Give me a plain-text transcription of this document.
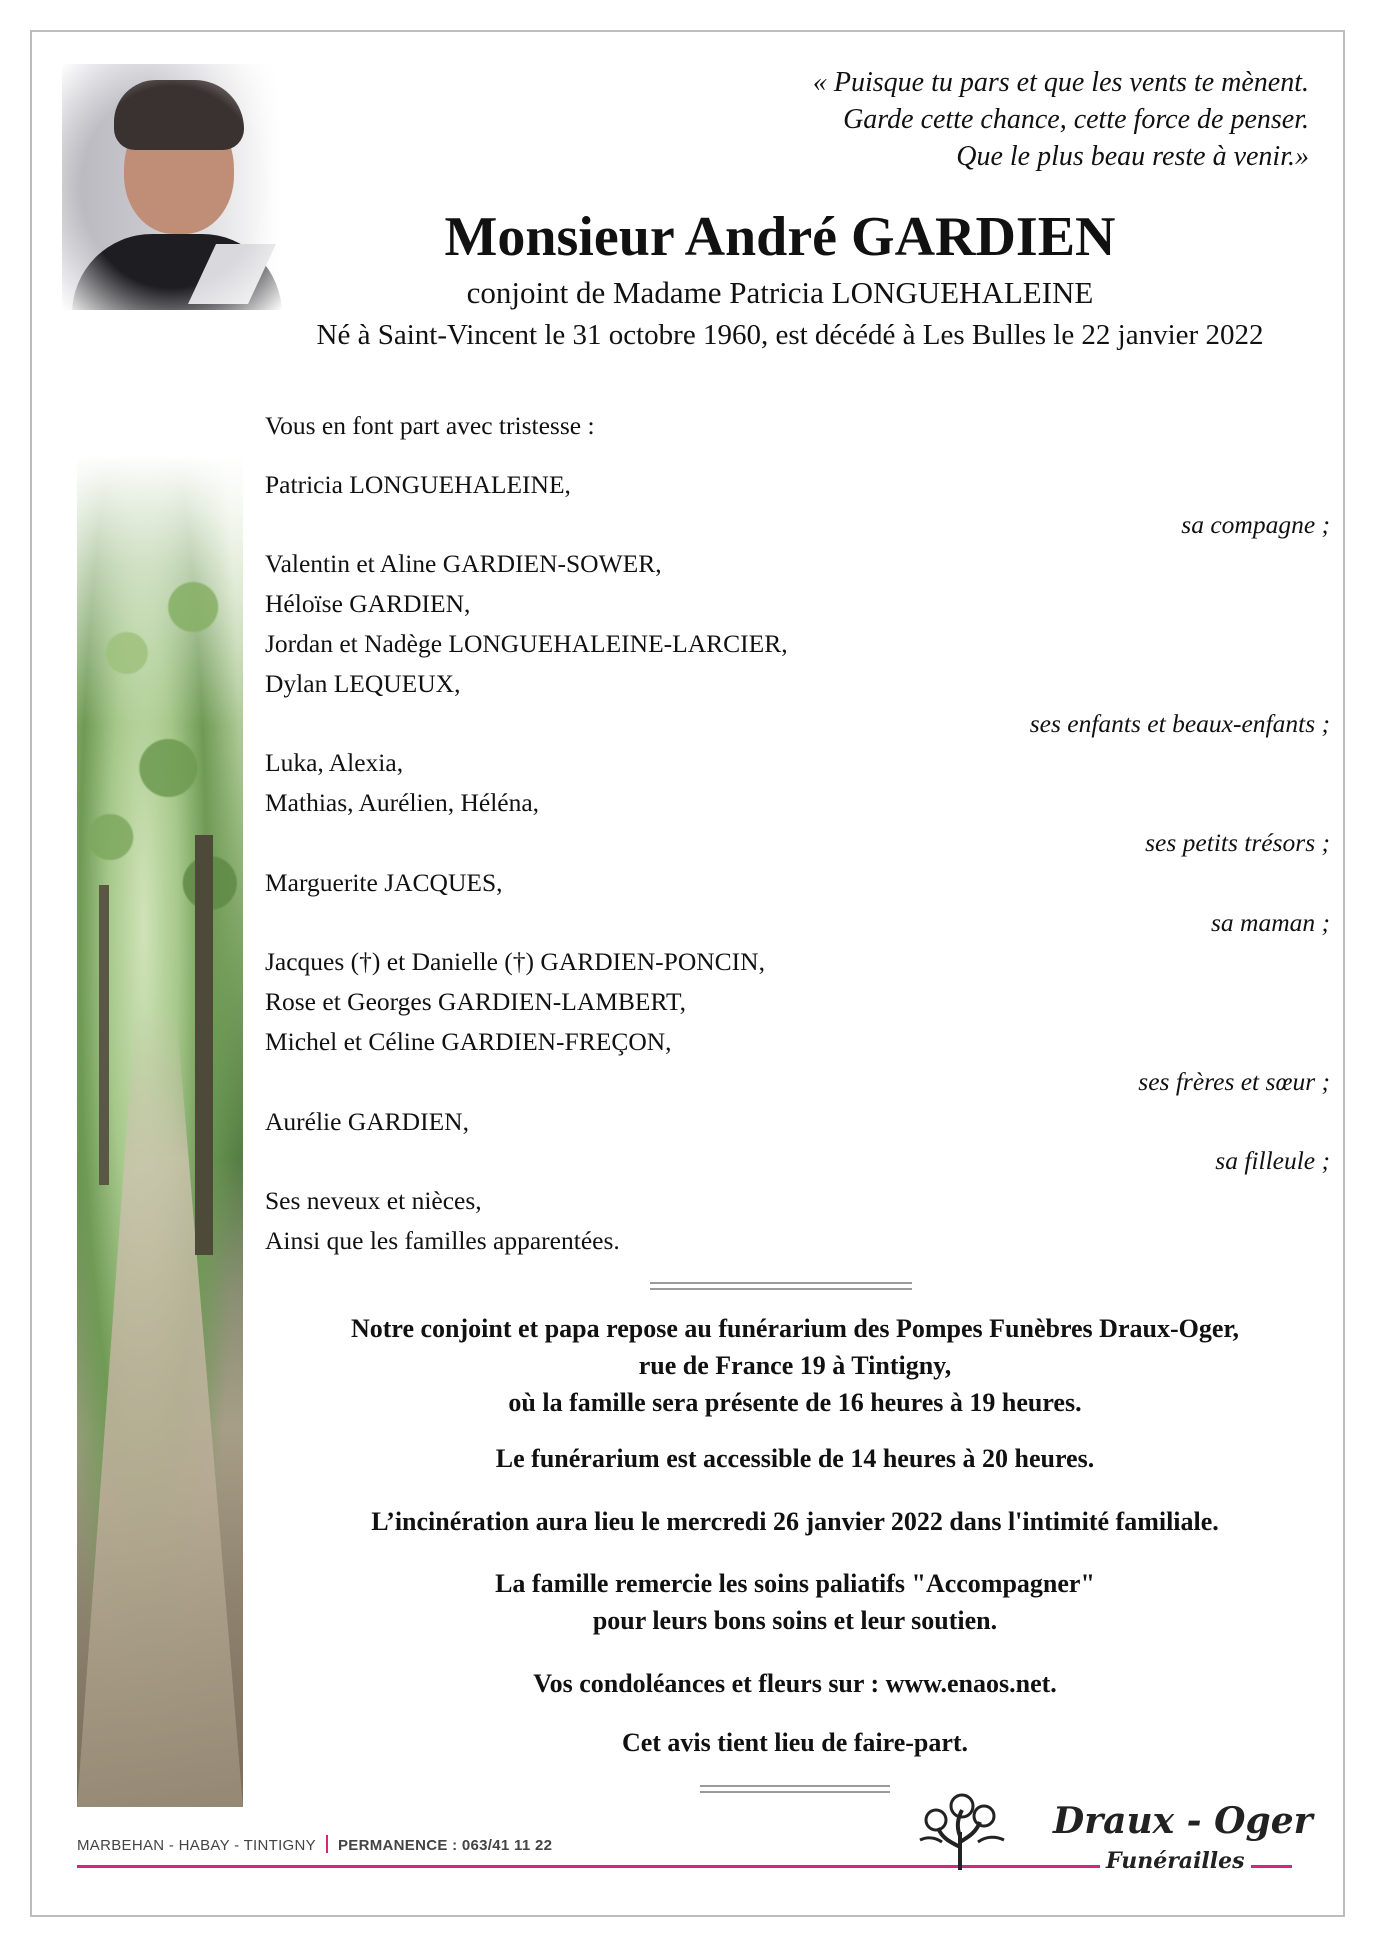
« Puisque tu pars et que les vents te mènent.
Garde cette chance, cette force de penser.
Que le plus beau reste à venir.»
Monsieur André GARDIEN
conjoint de Madame Patricia LONGUEHALEINE
Né à Saint-Vincent le 31 octobre 1960, est décédé à Les Bulles le 22 janvier 2022
Vous en font part avec tristesse :
Patricia LONGUEHALEINE,
sa compagne ;
Valentin et Aline GARDIEN-SOWER,
Héloïse GARDIEN,
Jordan et Nadège LONGUEHALEINE-LARCIER,
Dylan LEQUEUX,
ses enfants et beaux-enfants ;
Luka, Alexia,
Mathias, Aurélien, Héléna,
ses petits trésors ;
Marguerite JACQUES,
sa maman ;
Jacques (†) et Danielle (†) GARDIEN-PONCIN,
Rose et Georges GARDIEN-LAMBERT,
Michel et Céline GARDIEN-FREÇON,
ses frères et sœur ;
Aurélie GARDIEN,
sa filleule ;
Ses neveux et nièces,
Ainsi que les familles apparentées.

Notre conjoint et papa repose au funérarium des Pompes Funèbres Draux-Oger,

rue de France 19 à Tintigny,

où la famille sera présente de 16 heures à 19 heures.

Le funérarium est accessible de 14 heures à 20 heures.

L’incinération aura lieu le mercredi 26 janvier 2022 dans l'intimité familiale.

La famille remercie les soins paliatifs "Accompagner"

pour leurs bons soins et leur soutien.

Vos condoléances et fleurs sur : www.enaos.net.

Cet avis tient lieu de faire-part.

MARBEHAN - HABAY - TINTIGNY PERMANENCE : 063/41 11 22
Draux - Oger
Funérailles
